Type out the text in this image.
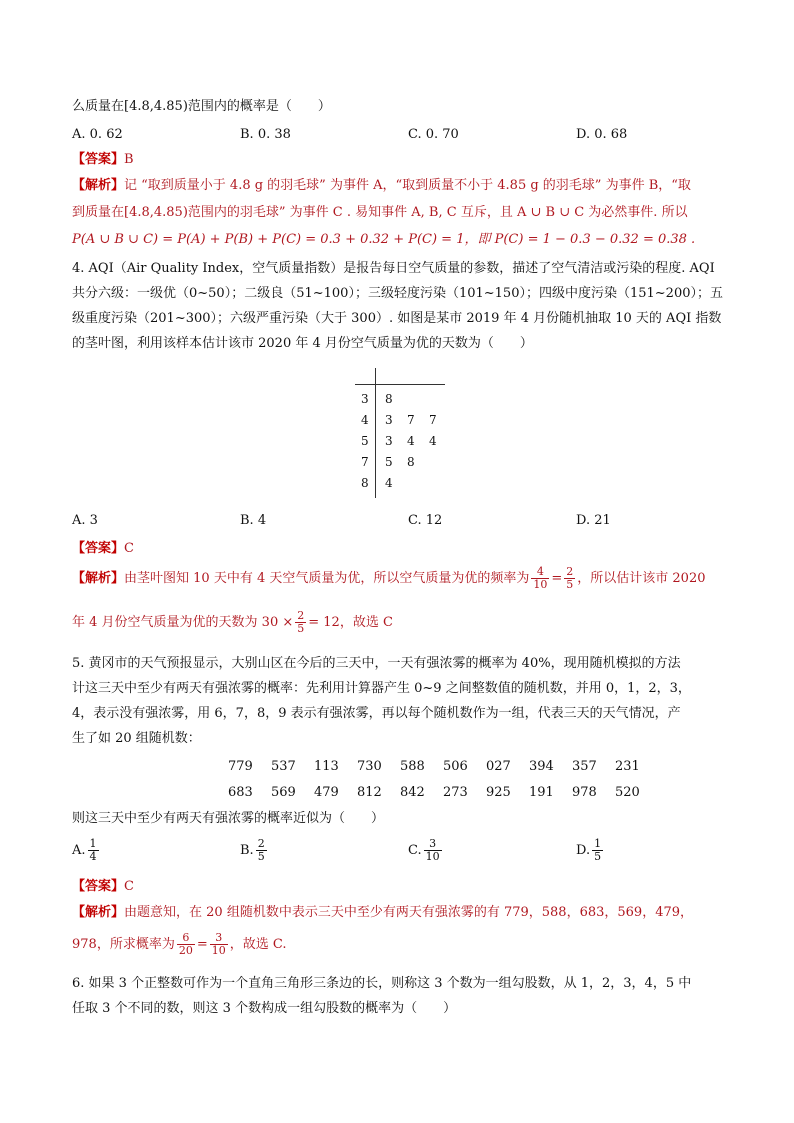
么质量在[4.8,4.85)范围内的概率是（　　）
A. 0. 62	B. 0. 38	C. 0. 70	D. 0. 68
【答案】B
【解析】记 “取到质量小于 4.8 g 的羽毛球” 为事件 A，“取到质量不小于 4.85 g 的羽毛球” 为事件 B，“取
到质量在[4.8,4.85)范围内的羽毛球” 为事件 C . 易知事件 A, B, C 互斥，且 A ∪ B ∪ C 为必然事件. 所以
P(A ∪ B ∪ C) = P(A) + P(B) + P(C) = 0.3 + 0.32 + P(C) = 1，即 P(C) = 1 − 0.3 − 0.32 = 0.38 .
4. AQI（Air Quality Index，空气质量指数）是报告每日空气质量的参数，描述了空气清洁或污染的程度. AQI
共分六级：一级优（0~50）；二级良（51~100）；三级轻度污染（101~150）；四级中度污染（151~200）；五
级重度污染（201~300）；六级严重污染（大于 300）. 如图是某市 2019 年 4 月份随机抽取 10 天的 AQI 指数
的茎叶图，利用该样本估计该市 2020 年 4 月份空气质量为优的天数为（　　）
3 8
4 3 7 7
5 3 4 4
7 5 8
8 4
A. 3	B. 4	C. 12	D. 21
【答案】C
【解析】由茎叶图知 10 天中有 4 天空气质量为优，所以空气质量为优的频率为 $\frac{4}{10} = \frac{2}{5}$ ，所以估计该市 2020
年 4 月份空气质量为优的天数为 $30 \times \frac{2}{5} = 12$，故选 C
5. 黄冈市的天气预报显示，大别山区在今后的三天中，一天有强浓雾的概率为 40%，现用随机模拟的方法
计这三天中至少有两天有强浓雾的概率：先利用计算器产生 0~9 之间整数值的随机数，并用 0，1，2，3，
4，表示没有强浓雾，用 6，7，8，9 表示有强浓雾，再以每个随机数作为一组，代表三天的天气情况，产
生了如 20 组随机数：
779 537 113 730 588 506 027 394 357 231
683 569 479 812 842 273 925 191 978 520
则这三天中至少有两天有强浓雾的概率近似为（　　）
A. $\frac{1}{4}$	B. $\frac{2}{5}$	C. $\frac{3}{10}$	D. $\frac{1}{5}$
【答案】C
【解析】由题意知，在 20 组随机数中表示三天中至少有两天有强浓雾的有 779，588，683，569，479，
978，所求概率为 $\frac{6}{20} = \frac{3}{10}$ ，故选 C.
6. 如果 3 个正整数可作为一个直角三角形三条边的长，则称这 3 个数为一组勾股数，从 1，2，3，4，5 中
任取 3 个不同的数，则这 3 个数构成一组勾股数的概率为（　　）
